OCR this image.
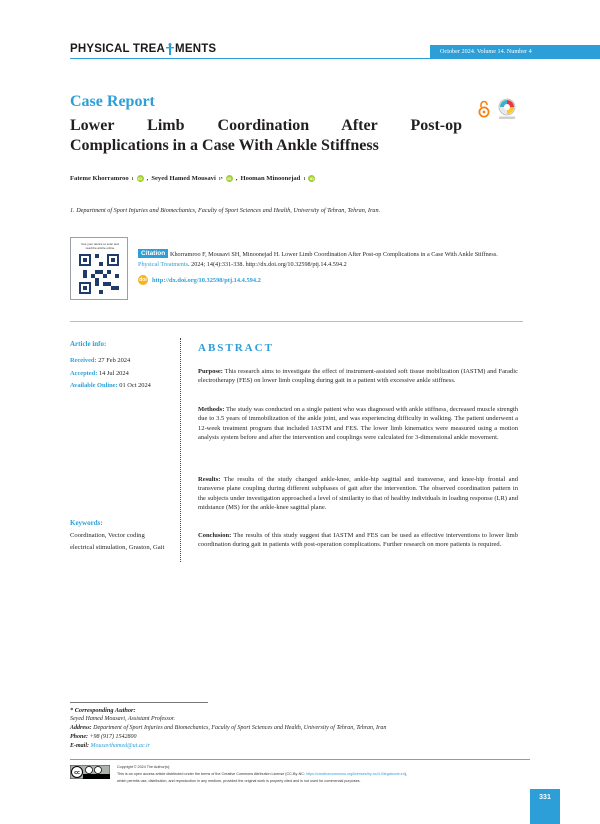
PHYSICAL TREA MENTS	October 2024. Volume 14. Number 4
Case Report
Lower Limb Coordination After Post-op
Complications in a Case With Ankle Stiffness
Fateme Khorramroo 1	iD , Seyed Hamed Mousavi 1*	iD , Hooman Minoonejad 1	iD
1. Department of Sport Injuries and Biomechanics, Faculty of Sport Sciences and Health, University of Tehran, Tehran, Iran.
Use your device to scan and read the article online
Khorramroo F, Mousavi SH, Minoonejad H. Lower Limb Coordination After Post-op Complications in a Case With Ankle Stiffness. Physical Treatments. 2024; 14(4):331-338. http://dx.doi.org/10.32598/ptj.14.4.594.2
Citation
doi http://dx.doi.org/10.32598/ptj.14.4.594.2
Article info:
Received: 27 Feb 2024
Accepted: 14 Jul 2024
Available Online: 01 Oct 2024
Keywords:
Coordination, Vector coding electrical stimulation, Graston, Gait
ABSTRACT
Purpose: This research aims to investigate the effect of instrument-assisted soft tissue mobilization (IASTM) and Faradic electrotherapy (FES) on lower limb coupling during gait in a patient with excessive ankle stiffness.
Methods: The study was conducted on a single patient who was diagnosed with ankle stiffness, decreased muscle strength due to 3.5 years of immobilization of the ankle joint, and was experiencing difficulty in walking. The patient underwent a 12-week treatment program that included IASTM and FES. The lower limb kinematics were measured using a motion analysis system before and after the intervention and couplings were calculated for 3-dimensional ankle movement.
Results: The results of the study changed ankle-knee, ankle-hip sagittal and transverse, and knee-hip frontal and transverse plane coupling during different subphases of gait after the intervention. The observed coordination pattern in the subjects under investigation approached a level of similarity to that of healthy individuals in loading response (LR) and midstance (MS) for the ankle-knee sagittal plane.
Conclusion: The results of this study suggest that IASTM and FES can be used as effective interventions to lower limb coordination during gait in patients with post-operation complications. Further research on more patients is required.
* Corresponding Author:
Seyed Hamed Mousavi, Assistant Professor.
Address: Department of Sport Injuries and Biomechanics, Faculty of Sport Sciences and Health, University of Tehran, Tehran, Iran
Phone: +98 (917) 1542800
E-mail: Mousavihamed@ut.ac.ir
cc
Copyright © 2024 The Author(s);
This is an open access article distributed under the terms of the Creative Commons Attribution License (CC-By-NC: https://creativecommons.org/licenses/by-nc/4.0/legalcode.en),
which permits use, distribution, and reproduction in any medium, provided the original work is properly cited and is not used for commercial purposes.
331
